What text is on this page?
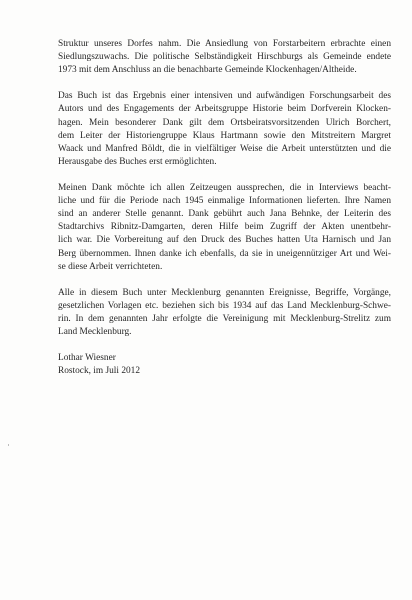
Struktur unseres Dorfes nahm. Die Ansiedlung von Forstarbeitern erbrachte einen
Siedlungszuwachs. Die politische Selbständigkeit Hirschburgs als Gemeinde endete
1973 mit dem Anschluss an die benachbarte Gemeinde Klockenhagen/Altheide.
Das Buch ist das Ergebnis einer intensiven und aufwändigen Forschungsarbeit des
Autors und des Engagements der Arbeitsgruppe Historie beim Dorfverein Klocken-
hagen. Mein besonderer Dank gilt dem Ortsbeiratsvorsitzenden Ulrich Borchert,
dem Leiter der Historiengruppe Klaus Hartmann sowie den Mitstreitern Margret
Waack und Manfred Böldt, die in vielfältiger Weise die Arbeit unterstützten und die
Herausgabe des Buches erst ermöglichten.
Meinen Dank möchte ich allen Zeitzeugen aussprechen, die in Interviews beacht-
liche und für die Periode nach 1945 einmalige Informationen lieferten. Ihre Namen
sind an anderer Stelle genannt. Dank gebührt auch Jana Behnke, der Leiterin des
Stadtarchivs Ribnitz-Damgarten, deren Hilfe beim Zugriff der Akten unentbehr-
lich war. Die Vorbereitung auf den Druck des Buches hatten Uta Harnisch und Jan
Berg übernommen. Ihnen danke ich ebenfalls, da sie in uneigennütziger Art und Wei-
se diese Arbeit verrichteten.
Alle in diesem Buch unter Mecklenburg genannten Ereignisse, Begriffe, Vorgänge,
gesetzlichen Vorlagen etc. beziehen sich bis 1934 auf das Land Mecklenburg-Schwe-
rin. In dem genannten Jahr erfolgte die Vereinigung mit Mecklenburg-Strelitz zum
Land Mecklenburg.
Lothar Wiesner
Rostock, im Juli 2012
